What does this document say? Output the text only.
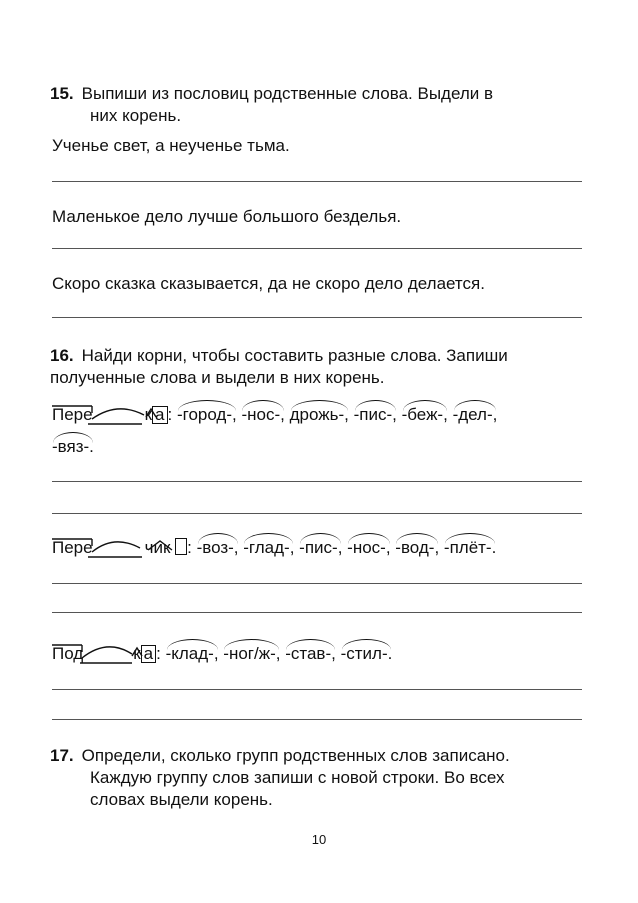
15. Выпиши из пословиц родственные слова. Выдели в
них корень.
Ученье свет, а неученье тьма.
Маленькое дело лучше большого безделья.
Скоро сказка сказывается, да не скоро дело делается.
16. Найди корни, чтобы составить разные слова. Запиши
полученные слова и выдели в них корень.
Пере	к а : -город-, -нос-, дрожь-, -пис-, -беж-, -дел-,
-вяз-.
Пере	чик : -воз-, -глад-, -пис-, -нос-, -вод-, -плёт-.
Под	к а : -клад-, -ног/ж-, -став-, -стил-.
17. Определи, сколько групп родственных слов записано.
Каждую группу слов запиши с новой строки. Во всех
словах выдели корень.
10
